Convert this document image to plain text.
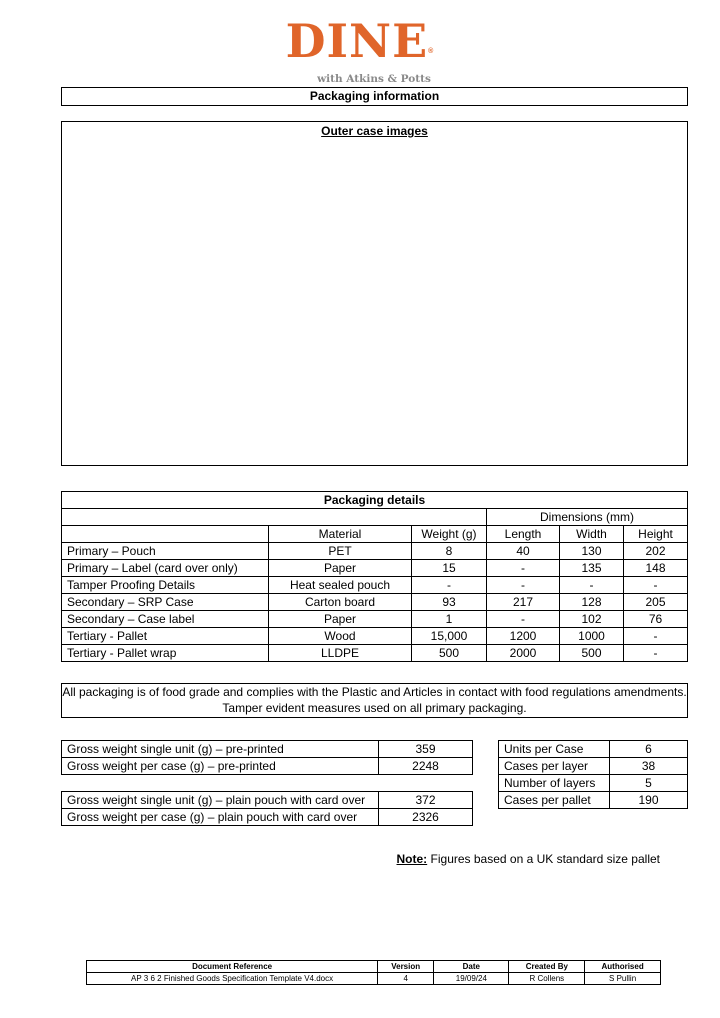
DINE®
with Atkins & Potts
Packaging information
Outer case images
Packaging details					
			Dimensions (mm)		
	Material	Weight (g)	Length	Width	Height
Primary – Pouch	PET	8	40	130	202
Primary – Label (card over only)	Paper	15	-	135	148
Tamper Proofing Details	Heat sealed pouch	-	-	-	-
Secondary – SRP Case	Carton board	93	217	128	205
Secondary – Case label	Paper	1	-	102	76
Tertiary - Pallet	Wood	15,000	1200	1000	-
Tertiary - Pallet wrap	LLDPE	500	2000	500	-
All packaging is of food grade and complies with the Plastic and Articles in contact with food regulations amendments. Tamper evident measures used on all primary packaging.
Gross weight single unit (g) – pre-printed	359
Gross weight per case (g) – pre-printed	2248
Gross weight single unit (g) – plain pouch with card over	372
Gross weight per case (g) – plain pouch with card over	2326
Units per Case	6
Cases per layer	38
Number of layers	5
Cases per pallet	190
Note: Figures based on a UK standard size pallet
Document Reference	Version	Date	Created By	Authorised
AP 3 6 2 Finished Goods Specification Template V4.docx	4	19/09/24	R Collens	S Pullin
